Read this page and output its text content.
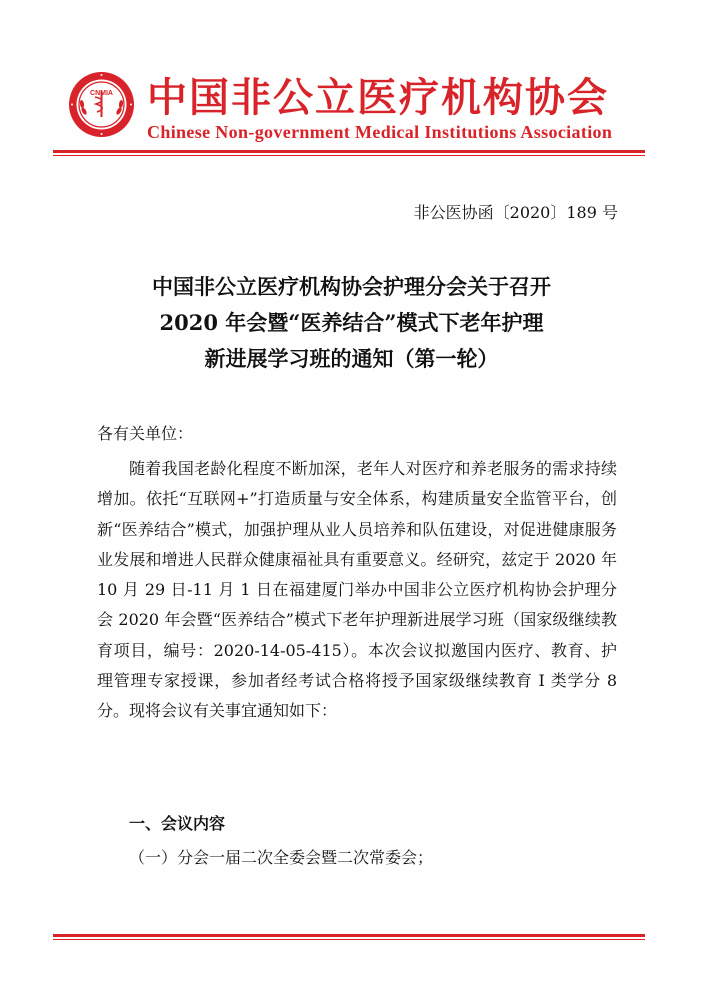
CNMIA 中国非公立医疗机构协会
Chinese Non-government Medical Institutions Association
非公医协函〔2020〕189 号
中国非公立医疗机构协会护理分会关于召开
2020 年会暨“医养结合”模式下老年护理
新进展学习班的通知（第一轮）
各有关单位：
随着我国老龄化程度不断加深，老年人对医疗和养老服务的需求持续增加。依托“互联网+”打造质量与安全体系，构建质量安全监管平台，创新“医养结合”模式，加强护理从业人员培养和队伍建设，对促进健康服务业发展和增进人民群众健康福祉具有重要意义。经研究，兹定于 2020 年 10 月 29 日-11 月 1 日在福建厦门举办中国非公立医疗机构协会护理分会 2020 年会暨“医养结合”模式下老年护理新进展学习班（国家级继续教育项目，编号：2020-14-05-415）。本次会议拟邀国内医疗、教育、护理管理专家授课，参加者经考试合格将授予国家级继续教育 I 类学分 8 分。现将会议有关事宜通知如下：
一、会议内容
（一）分会一届二次全委会暨二次常委会；
